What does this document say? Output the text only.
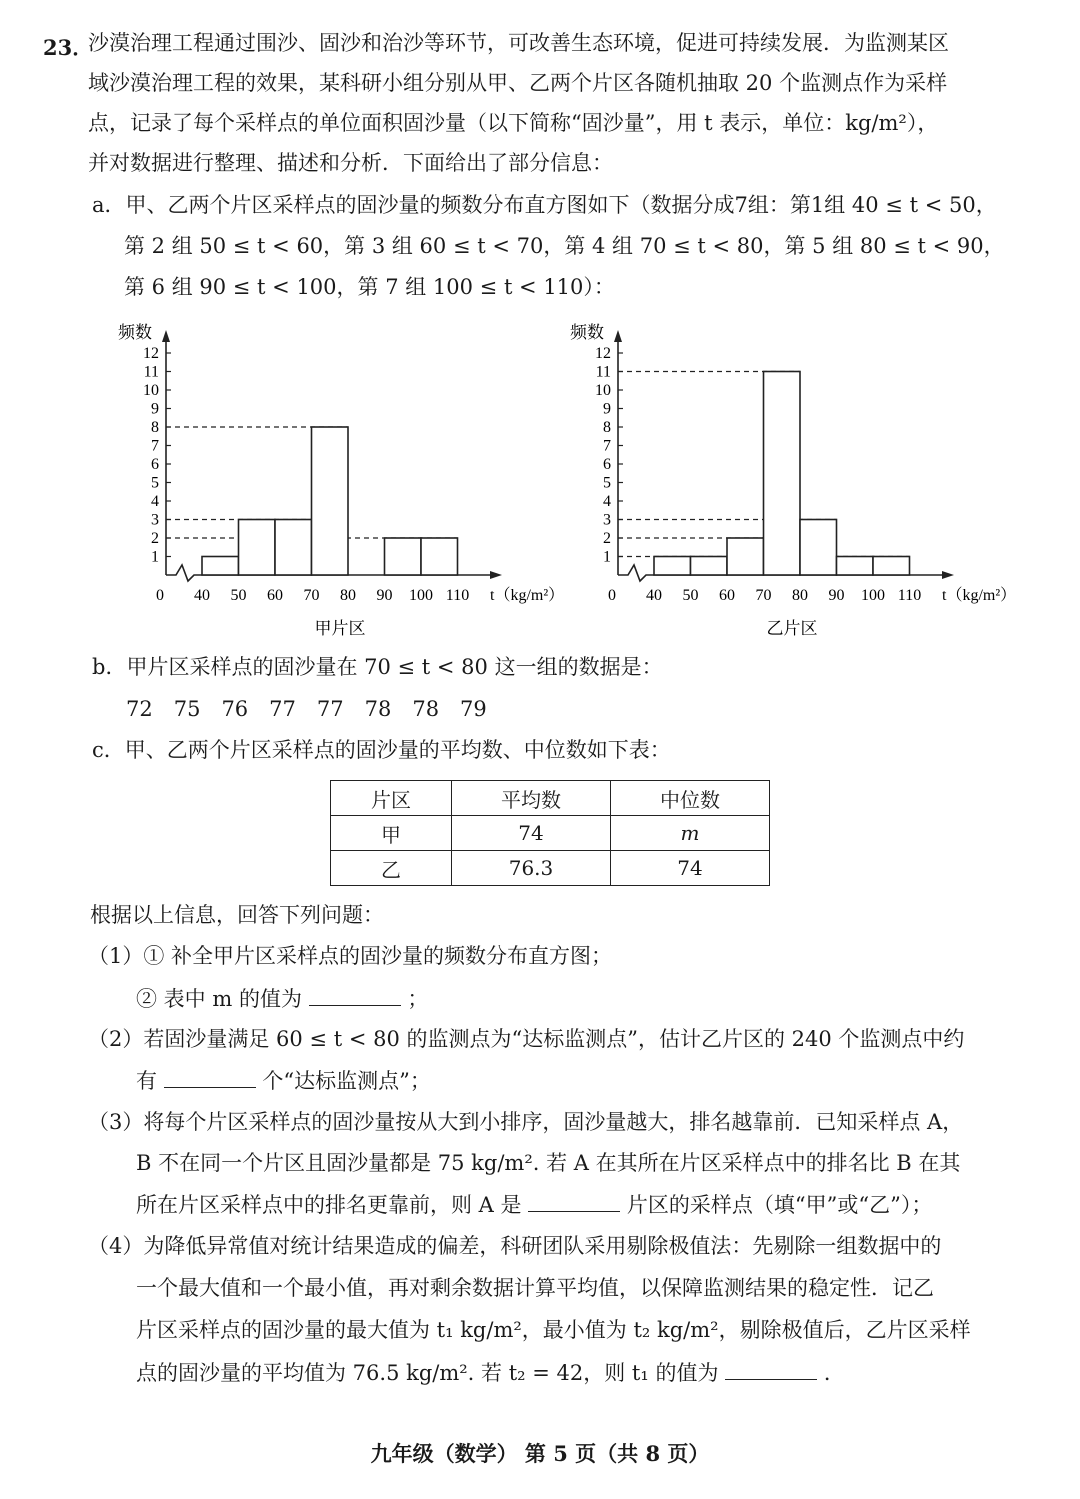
23．
沙漠治理工程通过围沙、固沙和治沙等环节，可改善生态环境，促进可持续发展．为监测某区
域沙漠治理工程的效果，某科研小组分别从甲、乙两个片区各随机抽取 20 个监测点作为采样
点，记录了每个采样点的单位面积固沙量（以下简称“固沙量”，用 t 表示，单位：kg/m²），
并对数据进行整理、描述和分析．下面给出了部分信息：
a．甲、乙两个片区采样点的固沙量的频数分布直方图如下（数据分成7组：第1组 40 ≤ t < 50，
第 2 组 50 ≤ t < 60，第 3 组 60 ≤ t < 70，第 4 组 70 ≤ t < 80，第 5 组 80 ≤ t < 90，
第 6 组 90 ≤ t < 100，第 7 组 100 ≤ t < 110）：
频数
1
2
3
4
5
6
7
8
9
10
11
12
0 40 50 60 70 80 90 100 110 t（kg/m²）
甲片区
频数
1
2
3
4
5
6
7
8
9
10
11
12
0 40 50 60 70 80 90 100 110 t（kg/m²）
乙片区
b．甲片区采样点的固沙量在 70 ≤ t < 80 这一组的数据是：
72　75　76　77　77　78　78　79
c．甲、乙两个片区采样点的固沙量的平均数、中位数如下表：
片区	平均数	中位数
甲	74	m
乙	76.3	74
根据以上信息，回答下列问题：
（1）① 补全甲片区采样点的固沙量的频数分布直方图；
② 表中 m 的值为	；
（2）若固沙量满足 60 ≤ t < 80 的监测点为“达标监测点”，估计乙片区的 240 个监测点中约
有	个“达标监测点”；
（3）将每个片区采样点的固沙量按从大到小排序，固沙量越大，排名越靠前．已知采样点 A，
B 不在同一个片区且固沙量都是 75 kg/m². 若 A 在其所在片区采样点中的排名比 B 在其
所在片区采样点中的排名更靠前，则 A 是	片区的采样点（填“甲”或“乙”）；
（4）为降低异常值对统计结果造成的偏差，科研团队采用剔除极值法：先剔除一组数据中的
一个最大值和一个最小值，再对剩余数据计算平均值，以保障监测结果的稳定性．记乙
片区采样点的固沙量的最大值为 t₁ kg/m²，最小值为 t₂ kg/m²，剔除极值后，乙片区采样
点的固沙量的平均值为 76.5 kg/m². 若 t₂ = 42，则 t₁ 的值为	．
九年级（数学） 第 5 页（共 8 页）
